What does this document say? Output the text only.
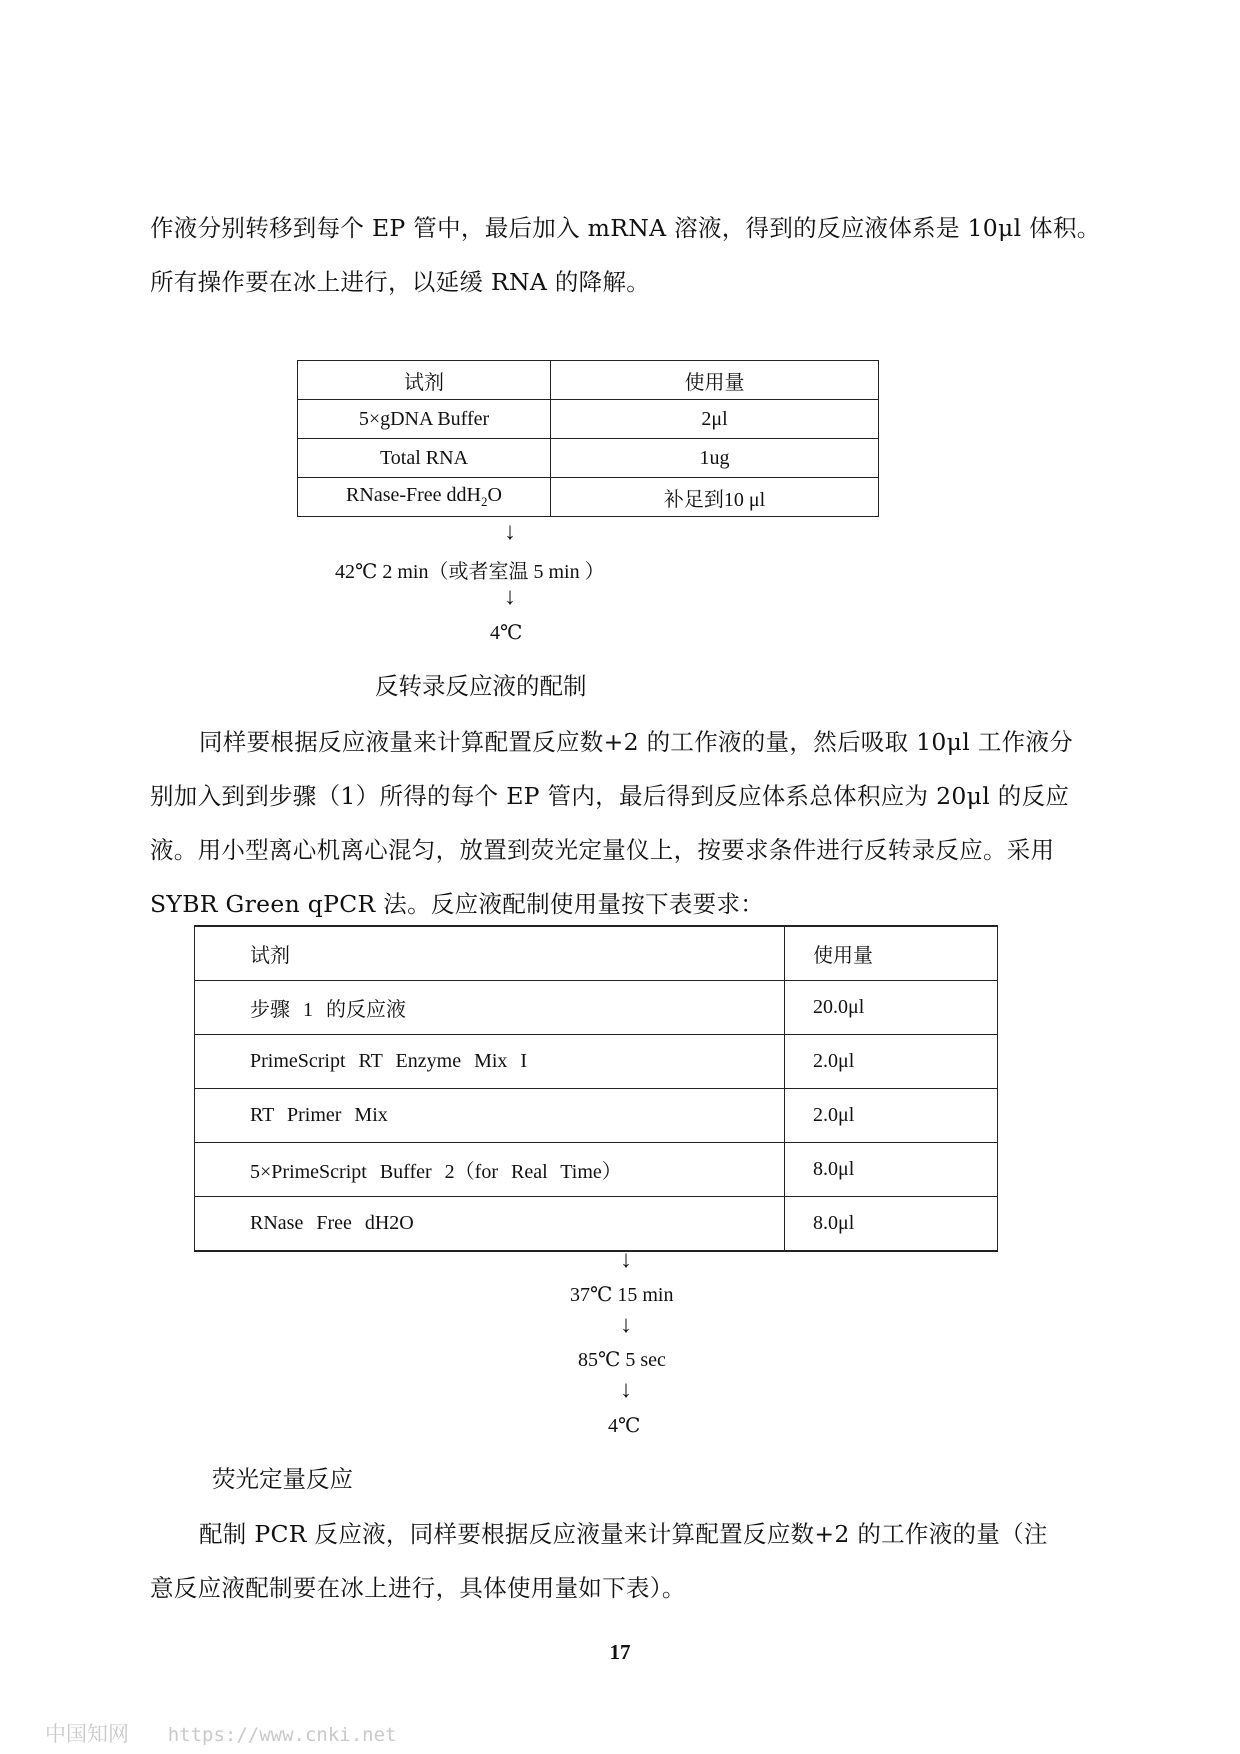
作液分别转移到每个 EP 管中，最后加入 mRNA 溶液，得到的反应液体系是 10μl 体积。
所有操作要在冰上进行，以延缓 RNA 的降解。
试剂	使用量
5×gDNA Buffer	2μl
Total RNA	1ug
RNase-Free ddH$_2$O	补足到10 μl
↓
42℃ 2 min（或者室温 5 min ）
↓
4℃
反转录反应液的配制
同样要根据反应液量来计算配置反应数+2 的工作液的量，然后吸取 10μl 工作液分
别加入到到步骤（1）所得的每个 EP 管内，最后得到反应体系总体积应为 20μl 的反应
液。用小型离心机离心混匀，放置到荧光定量仪上，按要求条件进行反转录反应。采用
SYBR Green qPCR 法。反应液配制使用量按下表要求：
试剂	使用量
步骤 1 的反应液	20.0μl
PrimeScript RT Enzyme Mix I	2.0μl
RT Primer Mix	2.0μl
5×PrimeScript Buffer 2（for Real Time）	8.0μl
RNase Free dH2O	8.0μl
↓
37℃ 15 min
↓
85℃ 5 sec
↓
4℃
荧光定量反应
配制 PCR 反应液，同样要根据反应液量来计算配置反应数+2 的工作液的量（注
意反应液配制要在冰上进行，具体使用量如下表）。
17
中国知网 https://www.cnki.net
